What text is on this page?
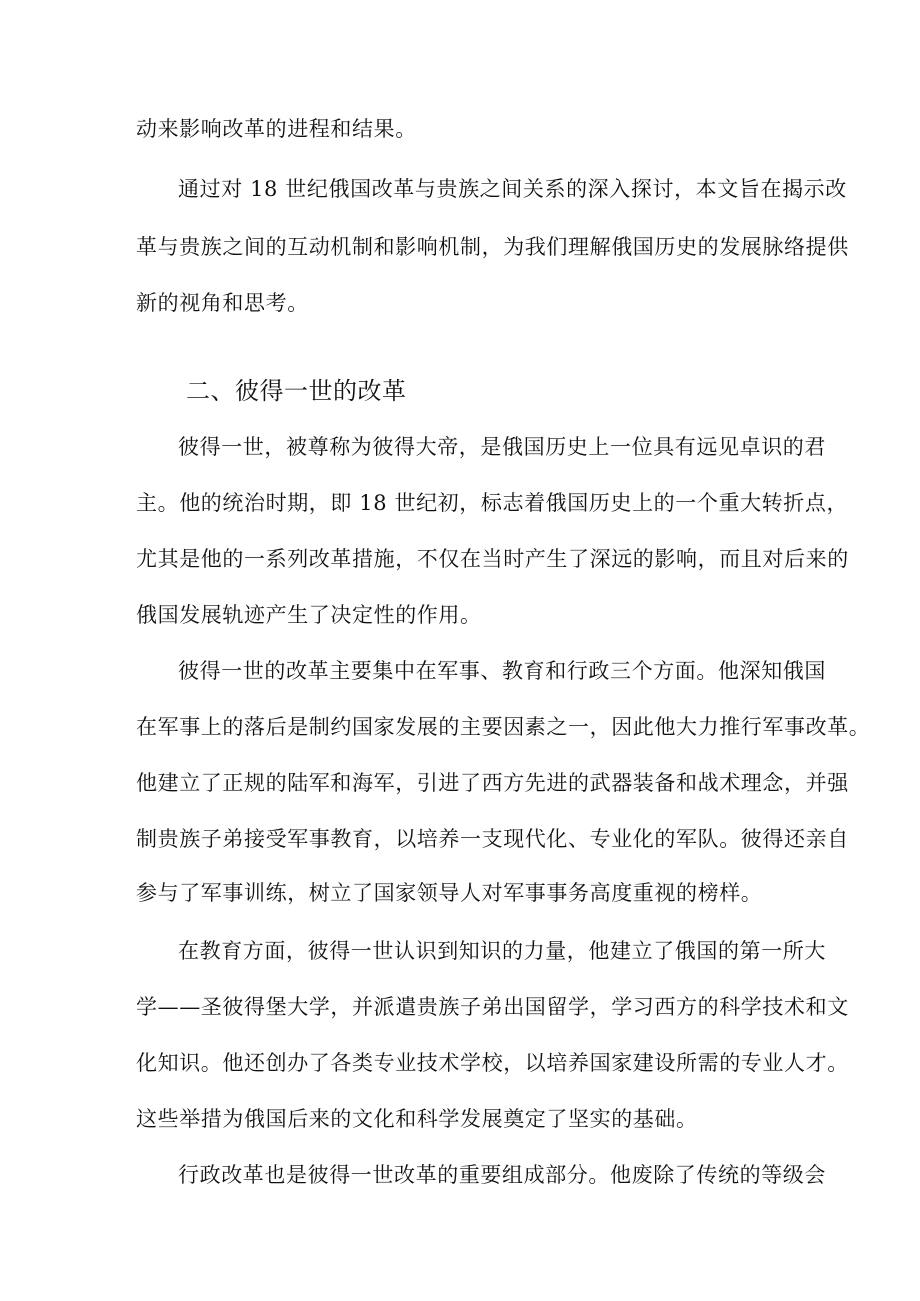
动来影响改革的进程和结果。
通过对 18 世纪俄国改革与贵族之间关系的深入探讨，本文旨在揭示改
革与贵族之间的互动机制和影响机制，为我们理解俄国历史的发展脉络提供
新的视角和思考。
二、彼得一世的改革
彼得一世，被尊称为彼得大帝，是俄国历史上一位具有远见卓识的君
主。他的统治时期，即 18 世纪初，标志着俄国历史上的一个重大转折点，
尤其是他的一系列改革措施，不仅在当时产生了深远的影响，而且对后来的
俄国发展轨迹产生了决定性的作用。
彼得一世的改革主要集中在军事、教育和行政三个方面。他深知俄国
在军事上的落后是制约国家发展的主要因素之一，因此他大力推行军事改革。
他建立了正规的陆军和海军，引进了西方先进的武器装备和战术理念，并强
制贵族子弟接受军事教育，以培养一支现代化、专业化的军队。彼得还亲自
参与了军事训练，树立了国家领导人对军事事务高度重视的榜样。
在教育方面，彼得一世认识到知识的力量，他建立了俄国的第一所大
学——圣彼得堡大学，并派遣贵族子弟出国留学，学习西方的科学技术和文
化知识。他还创办了各类专业技术学校，以培养国家建设所需的专业人才。
这些举措为俄国后来的文化和科学发展奠定了坚实的基础。
行政改革也是彼得一世改革的重要组成部分。他废除了传统的等级会
